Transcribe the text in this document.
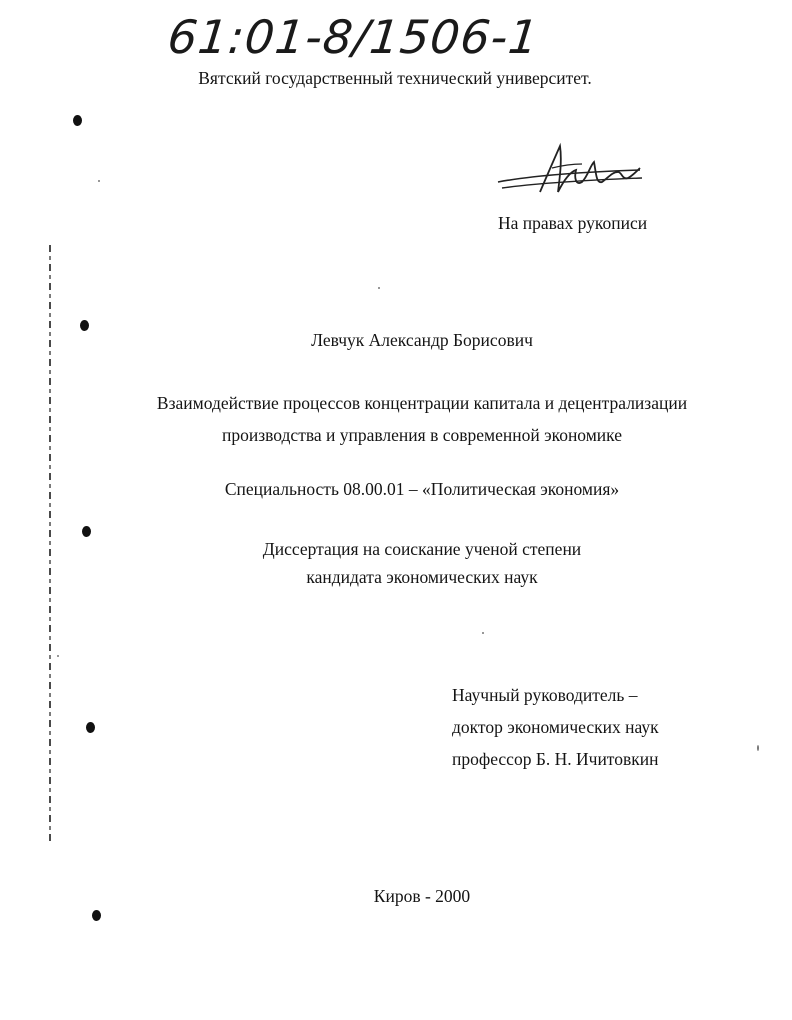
61:01-8/1506-1

Вятский государственный технический университет.

На правах рукописи

Левчук Александр Борисович

Взаимодействие процессов концентрации капитала и децентрализации
производства и управления в современной экономике

Специальность 08.00.01 – «Политическая экономия»

Диссертация на соискание ученой степени
кандидата экономических наук

Научный руководитель –
доктор экономических наук
профессор Б. Н. Ичитовкин

Киров - 2000
